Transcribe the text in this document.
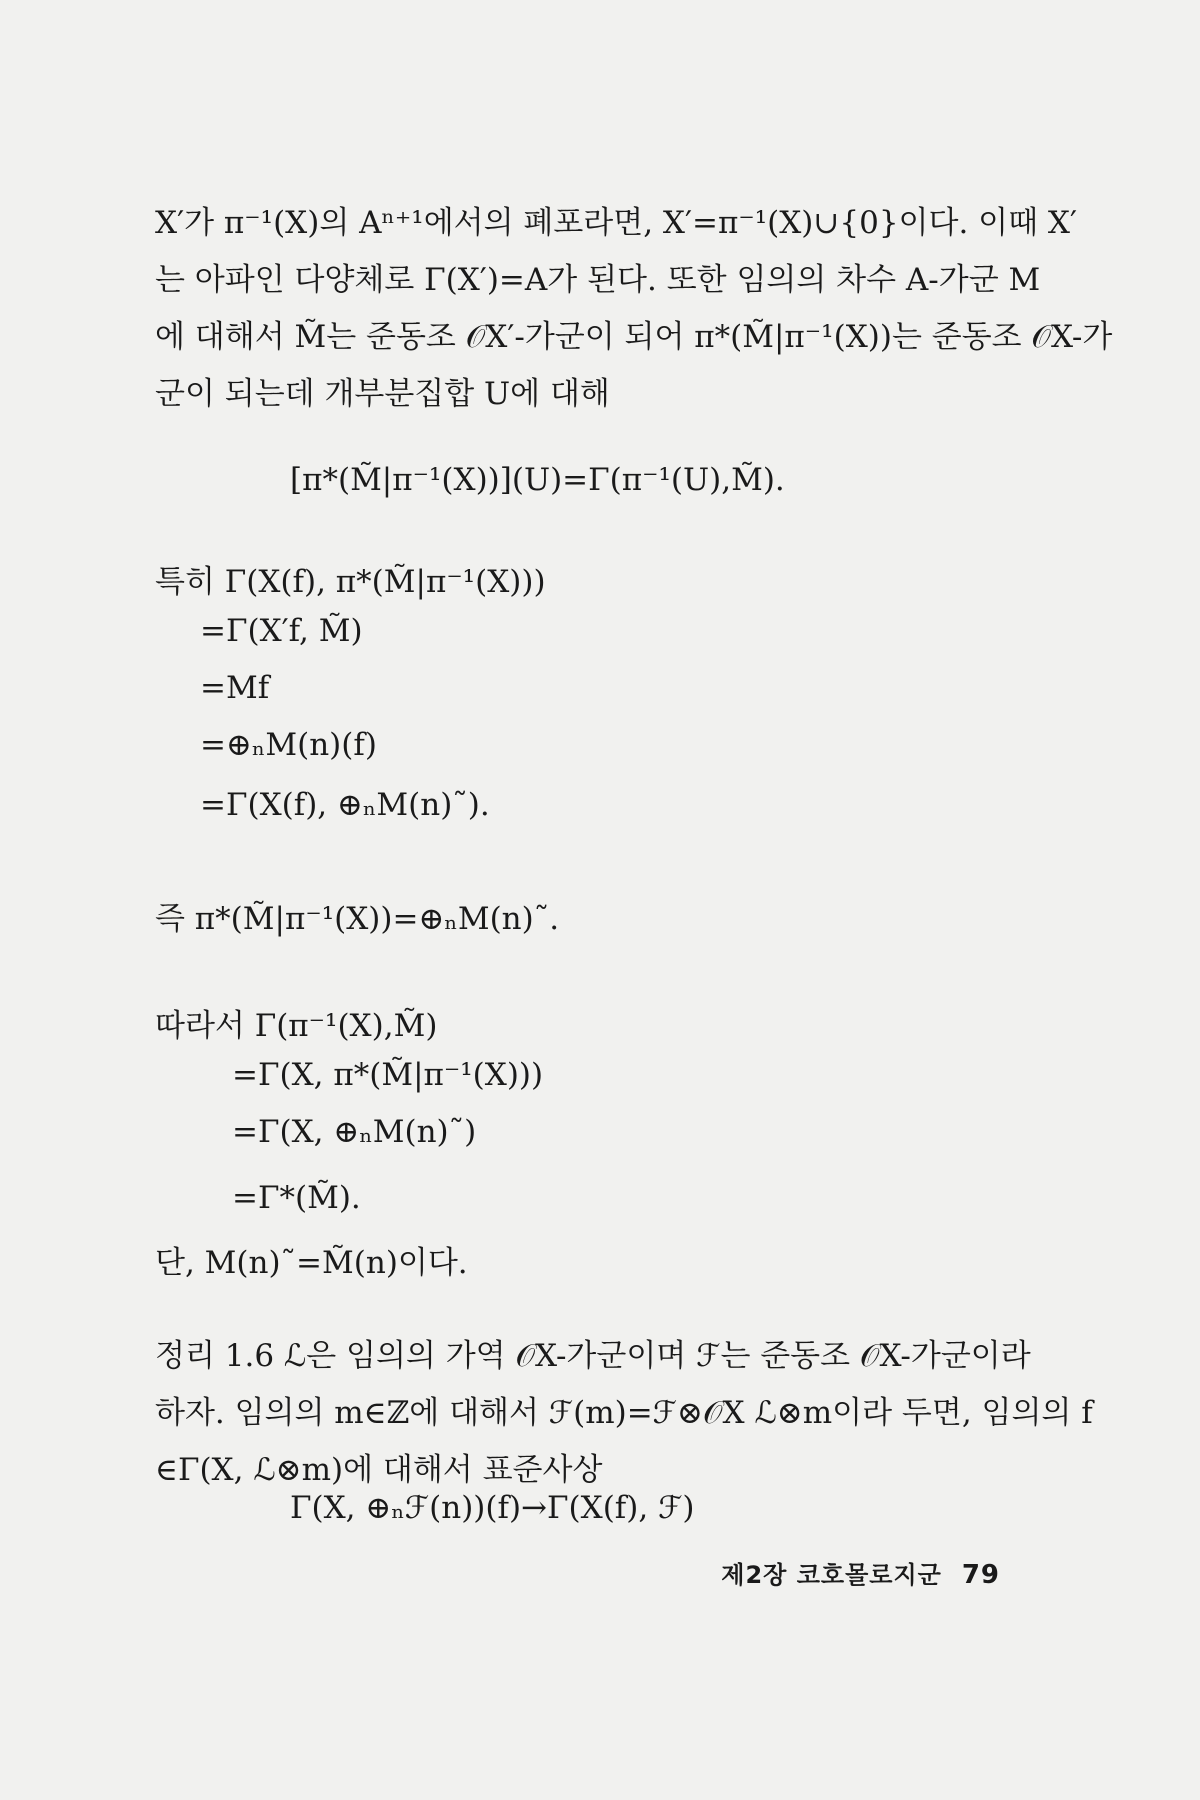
X′가 π⁻¹(X)의 Aⁿ⁺¹에서의 폐포라면, X′=π⁻¹(X)∪{0}이다. 이때 X′
는 아파인 다양체로 Γ(X′)=A가 된다. 또한 임의의 차수 A-가군 M
에 대해서 M̃는 준동조 𝒪X′-가군이 되어 π*(M̃|π⁻¹(X))는 준동조 𝒪X-가
군이 되는데 개부분집합 U에 대해
[π*(M̃|π⁻¹(X))](U)=Γ(π⁻¹(U),M̃).
특히 Γ(X(f), π*(M̃|π⁻¹(X)))
=Γ(X′f, M̃)
=Mf
=⊕ₙM(n)(f)
=Γ(X(f), ⊕ₙM(n)˜).
즉 π*(M̃|π⁻¹(X))=⊕ₙM(n)˜.
따라서 Γ(π⁻¹(X),M̃)
=Γ(X, π*(M̃|π⁻¹(X)))
=Γ(X, ⊕ₙM(n)˜)
=Γ*(M̃).
단, M(n)˜=M̃(n)이다.
정리 1.6 ℒ은 임의의 가역 𝒪X-가군이며 ℱ는 준동조 𝒪X-가군이라
하자. 임의의 m∈ℤ에 대해서 ℱ(m)=ℱ⊗𝒪X ℒ⊗m이라 두면, 임의의 f
∈Γ(X, ℒ⊗m)에 대해서 표준사상
Γ(X, ⊕ₙℱ(n))(f)→Γ(X(f), ℱ)
제2장 코호몰로지군 79
